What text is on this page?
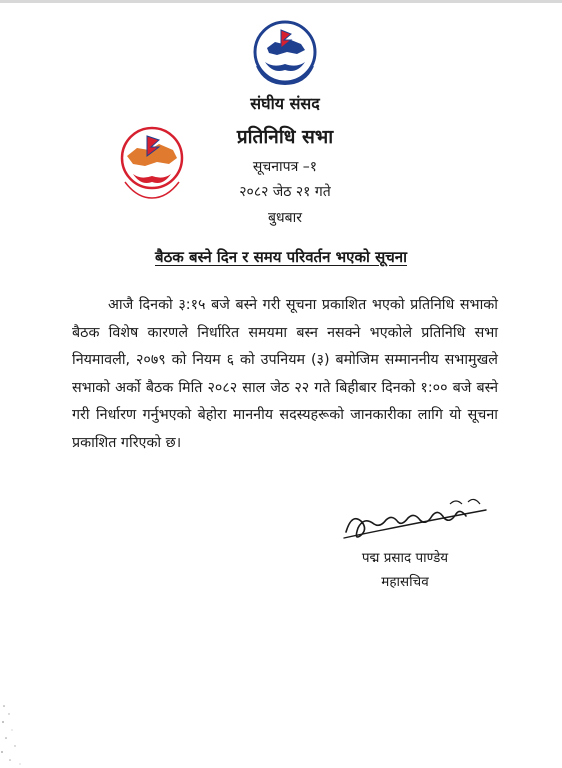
संघीय संसद
प्रतिनिधि सभा
सूचनापत्र –१
२०८२ जेठ २१ गते
बुधबार
बैठक बस्ने दिन र समय परिवर्तन भएको सूचना

आजै दिनको ३:१५ बजे बस्ने गरी सूचना प्रकाशित भएको प्रतिनिधि सभाको बैठक विशेष कारणले निर्धारित समयमा बस्न नसक्ने भएकोले प्रतिनिधि सभा नियमावली, २०७९ को नियम ६ को उपनियम (३) बमोजिम सम्माननीय सभामुखले सभाको अर्को बैठक मिति २०८२ साल जेठ २२ गते बिहीबार दिनको १:०० बजे बस्ने गरी निर्धारण गर्नुभएको बेहोरा माननीय सदस्यहरूको जानकारीका लागि यो सूचना प्रकाशित गरिएको छ।

पद्म प्रसाद पाण्डेय
महासचिव
